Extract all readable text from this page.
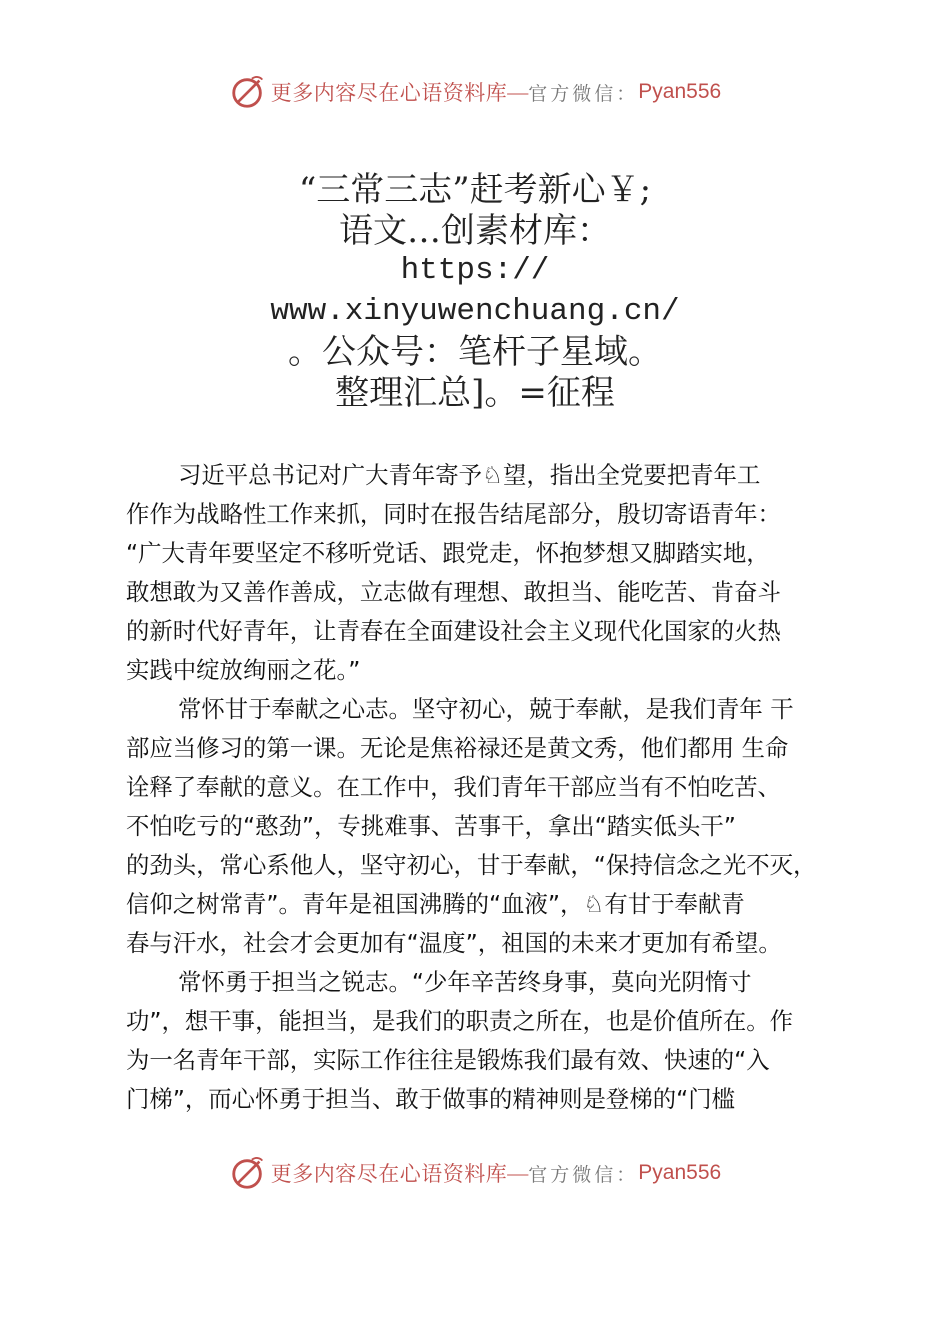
更多内容尽在心语资料库 — 官方微信： Pyan556
“三常三志”赶考新心￥;
语文…创素材库：
https://
www.xinyuwenchuang.cn/
。公众号：笔杆子星域。
整理汇总]。=征程
习近平总书记对广大青年寄予♘望，指出全党要把青年工
作作为战略性工作来抓，同时在报告结尾部分，殷切寄语青年：
“广大青年要坚定不移听党话、跟党走，怀抱梦想又脚踏实地，
敢想敢为又善作善成，立志做有理想、敢担当、能吃苦、肯奋斗
的新时代好青年，让青春在全面建设社会主义现代化国家的火热
实践中绽放绚丽之花。”
常怀甘于奉献之心志。坚守初心，兢于奉献，是我们青年 干
部应当修习的第一课。无论是焦裕禄还是黄文秀，他们都用 生命
诠释了奉献的意义。在工作中，我们青年干部应当有不怕吃苦、
不怕吃亏的“憨劲”，专挑难事、苦事干，拿出“踏实低头干”
的劲头，常心系他人，坚守初心，甘于奉献，“保持信念之光不灭，
信仰之树常青”。青年是祖国沸腾的“血液”，♘有甘于奉献青
春与汗水，社会才会更加有“温度”，祖国的未来才更加有希望。
常怀勇于担当之锐志。“少年辛苦终身事，莫向光阴惰寸
功”，想干事，能担当，是我们的职责之所在，也是价值所在。作
为一名青年干部，实际工作往往是锻炼我们最有效、快速的“入
门梯”，而心怀勇于担当、敢于做事的精神则是登梯的“门槛
更多内容尽在心语资料库 — 官方微信： Pyan556
